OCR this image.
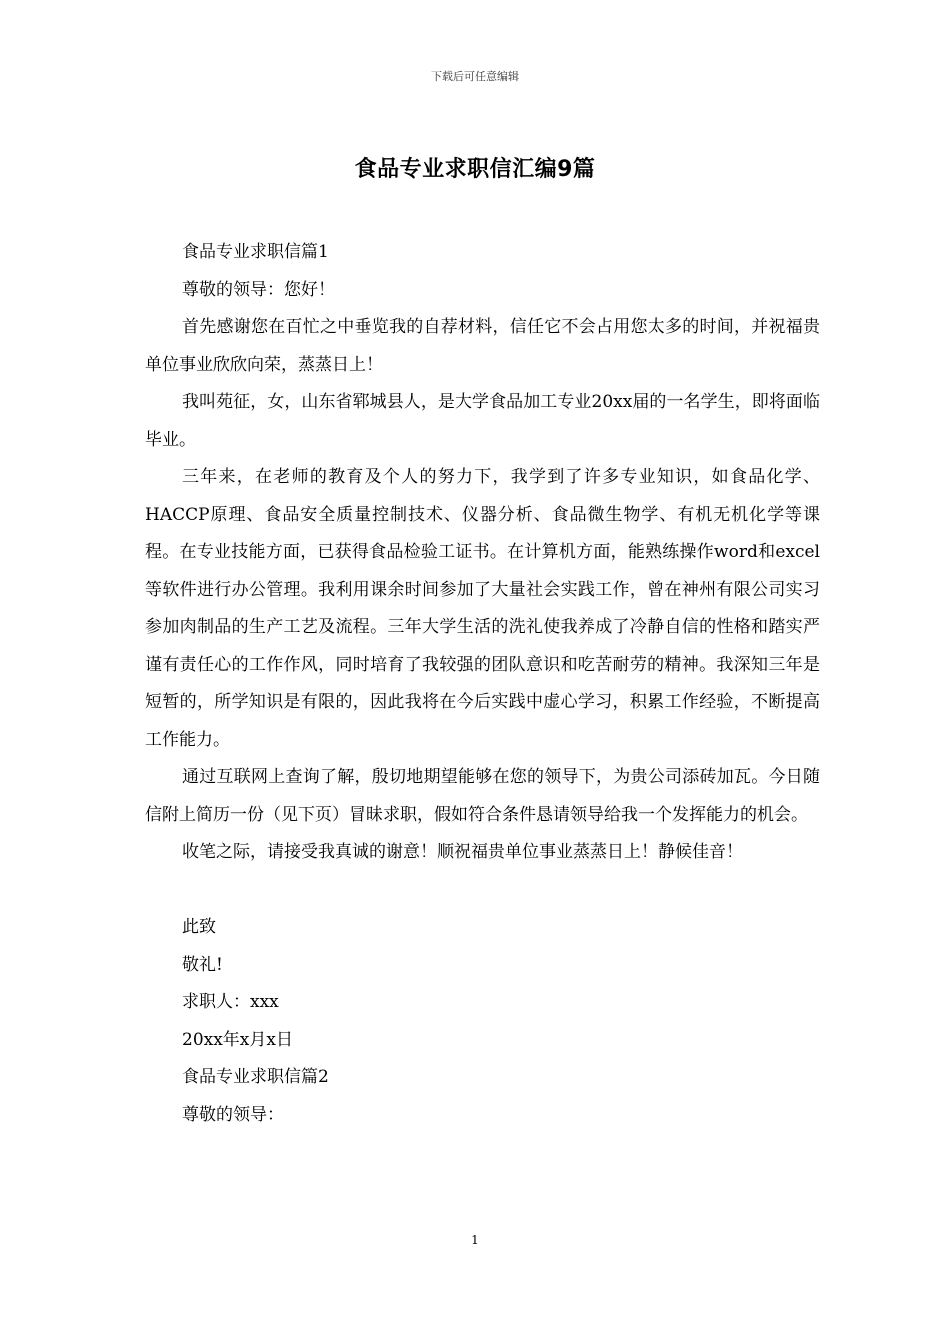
下载后可任意编辑
食品专业求职信汇编9篇

食品专业求职信篇1

尊敬的领导：您好！

首先感谢您在百忙之中垂览我的自荐材料，信任它不会占用您太多的时间，并祝福贵单位事业欣欣向荣，蒸蒸日上！

我叫苑征，女，山东省郓城县人，是大学食品加工专业20xx届的一名学生，即将面临毕业。

三年来，在老师的教育及个人的努力下，我学到了许多专业知识，如食品化学、HACCP原理、食品安全质量控制技术、仪器分析、食品微生物学、有机无机化学等课程。在专业技能方面，已获得食品检验工证书。在计算机方面，能熟练操作word和excel等软件进行办公管理。我利用课余时间参加了大量社会实践工作，曾在神州有限公司实习参加肉制品的生产工艺及流程。三年大学生活的洗礼使我养成了冷静自信的性格和踏实严谨有责任心的工作作风，同时培育了我较强的团队意识和吃苦耐劳的精神。我深知三年是短暂的，所学知识是有限的，因此我将在今后实践中虚心学习，积累工作经验，不断提高工作能力。

通过互联网上查询了解，殷切地期望能够在您的领导下，为贵公司添砖加瓦。今日随信附上简历一份（见下页）冒昧求职，假如符合条件恳请领导给我一个发挥能力的机会。

收笔之际，请接受我真诚的谢意！顺祝福贵单位事业蒸蒸日上！静候佳音！

此致

敬礼!

求职人：xxx

20xx年x月x日

食品专业求职信篇2

尊敬的领导：

1
